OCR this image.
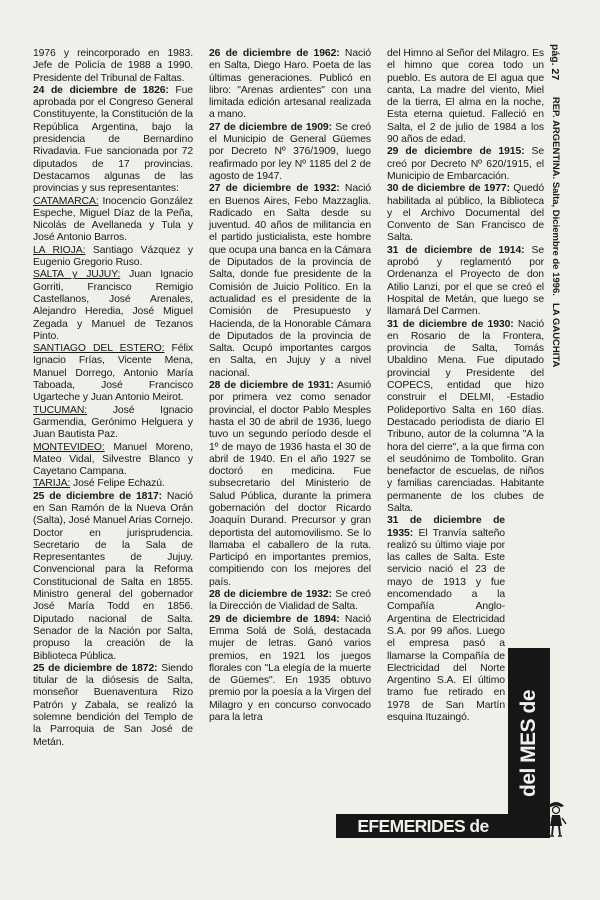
1976 y reincorporado en 1983. Jefe de Policía de 1988 a 1990. Presidente del Tribunal de Faltas.

24 de diciembre de 1826: Fue aprobada por el Congreso General Constituyente, la Constitución de la República Argentina, bajo la presidencia de Bernardino Rivadavia. Fue sancionada por 72 diputados de 17 provincias. Destacamos algunas de las provincias y sus representantes:

CATAMARCA: Inocencio González Espeche, Miguel Díaz de la Peña, Nicolás de Avellaneda y Tula y José Antonio Barros.

LA RIOJA: Santiago Vázquez y Eugenio Gregorio Ruso.

SALTA y JUJUY: Juan Ignacio Gorriti, Francisco Remigio Castellanos, José Arenales, Alejandro Heredia, José Miguel Zegada y Manuel de Tezanos Pinto.

SANTIAGO DEL ESTERO: Félix Ignacio Frías, Vicente Mena, Manuel Dorrego, Antonio María Taboada, José Francisco Ugarteche y Juan Antonio Meirot.

TUCUMAN: José Ignacio Garmendia, Gerónimo Helguera y Juan Bautista Paz.

MONTEVIDEO: Manuel Moreno, Mateo Vidal, Silvestre Blanco y Cayetano Campana.

TARIJA: José Felipe Echazú.

25 de diciembre de 1817: Nació en San Ramón de la Nueva Orán (Salta), José Manuel Arias Cornejo. Doctor en jurisprudencia. Secretario de la Sala de Representantes de Jujuy. Convencional para la Reforma Constitucional de Salta en 1855. Ministro general del gobernador José María Todd en 1856. Diputado nacional de Salta. Senador de la Nación por Salta, propuso la creación de la Biblioteca Pública.

25 de diciembre de 1872: Siendo titular de la diósesis de Salta, monseñor Buenaventura Rizo Patrón y Zabala, se realizó la solemne bendición del Templo de la Parroquia de San José de Metán.

26 de diciembre de 1962: Nació en Salta, Diego Haro. Poeta de las últimas generaciones. Publicó en libro: "Arenas ardientes" con una limitada edición artesanal realizada a mano.

27 de diciembre de 1909: Se creó el Municipio de General Güemes por Decreto Nº 376/1909, luego reafirmado por ley Nº 1185 del 2 de agosto de 1947.

27 de diciembre de 1932: Nació en Buenos Aires, Febo Mazzaglia. Radicado en Salta desde su juventud. 40 años de militancia en el partido justicialista, este hombre que ocupa una banca en la Cámara de Diputados de la provincia de Salta, donde fue presidente de la Comisión de Juicio Político. En la actualidad es el presidente de la Comisión de Presupuesto y Hacienda, de la Honorable Cámara de Diputados de la provincia de Salta. Ocupó importantes cargos en Salta, en Jujuy y a nivel nacional.

28 de diciembre de 1931: Asumió por primera vez como senador provincial, el doctor Pablo Mesples hasta el 30 de abril de 1936, luego tuvo un segundo período desde el 1º de mayo de 1936 hasta el 30 de abril de 1940. En el año 1927 se doctoró en medicina. Fue subsecretario del Ministerio de Salud Pública, durante la primera gobernación del doctor Ricardo Joaquín Durand. Precursor y gran deportista del automovilismo. Se lo llamaba el caballero de la ruta. Participó en importantes premios, compitiendo con los mejores del país.

28 de diciembre de 1932: Se creó la Dirección de Vialidad de Salta.

29 de diciembre de 1894: Nació Emma Solá de Solá, destacada mujer de letras. Ganó varios premios, en 1921 los juegos florales con "La elegía de la muerte de Güemes". En 1935 obtuvo premio por la poesía a la Virgen del Milagro y en concurso convocado para la letra

del Himno al Señor del Milagro. Es el himno que corea todo un pueblo. Es autora de El agua que canta, La madre del viento, Miel de la tierra, El alma en la noche, Esta eterna quietud. Falleció en Salta, el 2 de julio de 1984 a los 90 años de edad.

29 de diciembre de 1915: Se creó por Decreto Nº 620/1915, el Municipio de Embarcación.

30 de diciembre de 1977: Quedó habilitada al público, la Biblioteca y el Archivo Documental del Convento de San Francisco de Salta.

31 de diciembre de 1914: Se aprobó y reglamentó por Ordenanza el Proyecto de don Atilio Lanzi, por el que se creó el Hospital de Metán, que luego se llamará Del Carmen.

31 de diciembre de 1930: Nació en Rosario de la Frontera, provincia de Salta, Tomás Ubaldino Mena. Fue diputado provincial y Presidente del COPECS, entidad que hizo construir el DELMI, -Estadio Polideportivo Salta en 160 días. Destacado periodista de diario El Tribuno, autor de la columna "A la hora del cierre", a la que firma con el seudónimo de Tombolito. Gran benefactor de escuelas, de niños y familias carenciadas. Habitante permanente de los clubes de Salta.

31 de diciembre de 1935: El Tranvía salteño realizó su último viaje por las calles de Salta. Este servicio nació el 23 de mayo de 1913 y fue encomendado a la Compañía Anglo-Argentina de Electricidad S.A. por 99 años. Luego el empresa pasó a llamarse la Compañía de Electricidad del Norte Argentino S.A. El último tramo fue retirado en 1978 de San Martín esquina Ituzaingó.

pág. 27 REP. ARGENTINA. Salta, Diciembre de 1996. LA GAUCHITA
del MES de DICIEMBRE
EFEMERIDES de SALTA
